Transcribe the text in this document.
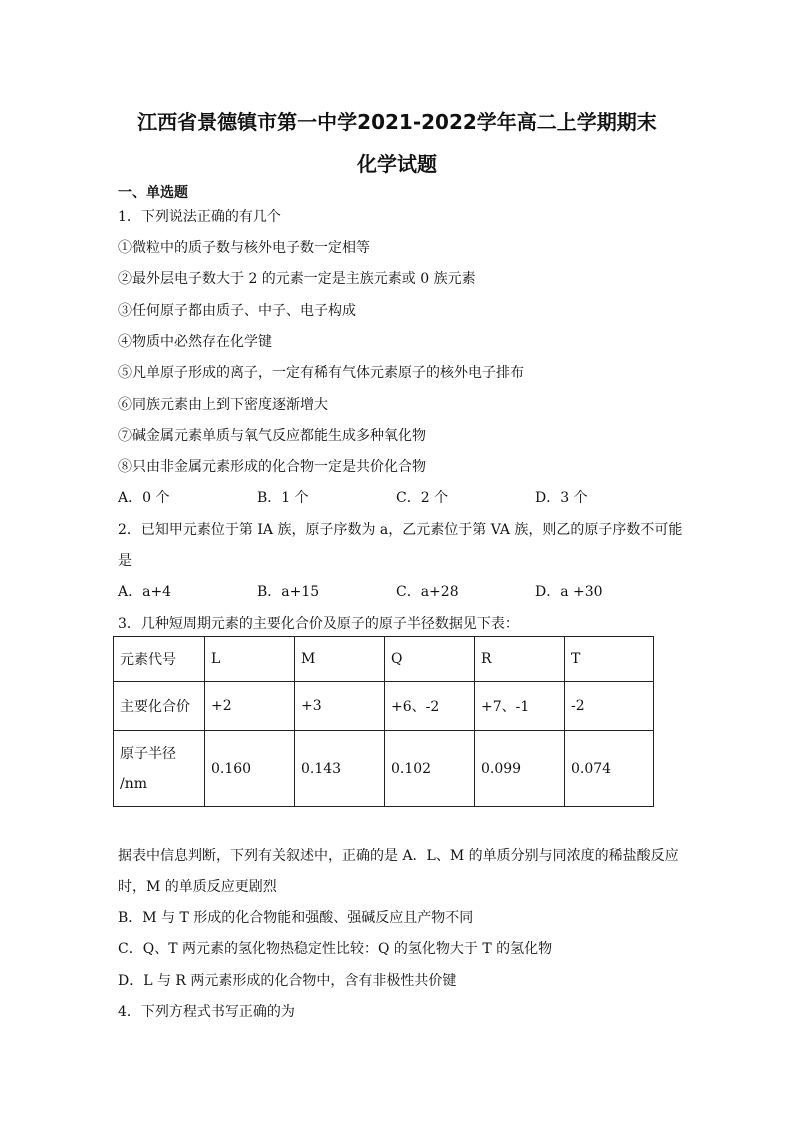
江西省景德镇市第一中学2021-2022学年高二上学期期末
化学试题
一、单选题
1．下列说法正确的有几个
①微粒中的质子数与核外电子数一定相等
②最外层电子数大于 2 的元素一定是主族元素或 0 族元素
③任何原子都由质子、中子、电子构成
④物质中必然存在化学键
⑤凡单原子形成的离子，一定有稀有气体元素原子的核外电子排布
⑥同族元素由上到下密度逐渐增大
⑦碱金属元素单质与氧气反应都能生成多种氧化物
⑧只由非金属元素形成的化合物一定是共价化合物
A．0 个	B．1 个	C．2 个	D．3 个
2．已知甲元素位于第 IA 族，原子序数为 a，乙元素位于第 VA 族，则乙的原子序数不可能
是
A．a+4	B．a+15	C．a+28	D．a +30
3．几种短周期元素的主要化合价及原子的原子半径数据见下表：
元素代号	L	M	Q	R	T
主要化合价	+2	+3	+6、-2	+7、-1	-2

原子半径
/nm	0.160	0.143	0.102	0.099	0.074
据表中信息判断，下列有关叙述中，正确的是 A．L、M 的单质分别与同浓度的稀盐酸反应
时，M 的单质反应更剧烈
B．M 与 T 形成的化合物能和强酸、强碱反应且产物不同
C．Q、T 两元素的氢化物热稳定性比较：Q 的氢化物大于 T 的氢化物
D．L 与 R 两元素形成的化合物中，含有非极性共价键
4．下列方程式书写正确的为
